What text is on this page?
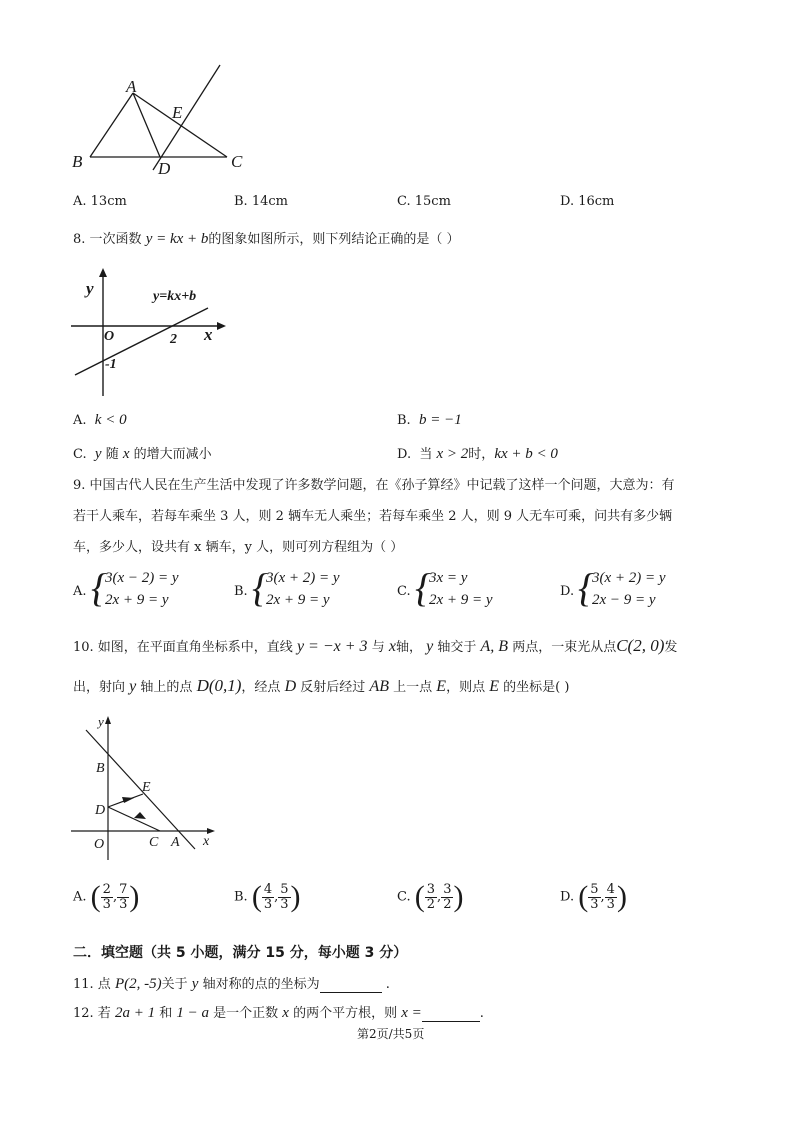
A
B	C
D
E
A. 13cm	B. 14cm	C. 15cm	D. 16cm
8. 一次函数 y = kx + b的图象如图所示，则下列结论正确的是（ ）
y
x
O
y=kx+b
2
-1
A. k < 0	B. b = −1
C. y 随 x 的增大而减小	D. 当 x > 2时，kx + b < 0
9. 中国古代人民在生产生活中发现了许多数学问题，在《孙子算经》中记载了这样一个问题，大意为：有
若干人乘车，若每车乘坐 3 人，则 2 辆车无人乘坐；若每车乘坐 2 人，则 9 人无车可乘，问共有多少辆
车，多少人，设共有 x 辆车，y 人，则可列方程组为（ ）
A. {
3(x − 2) = y
2x + 9 = y
B. {
3(x + 2) = y
2x + 9 = y
C. {
3x = y
2x + 9 = y
D. {
3(x + 2) = y
2x − 9 = y
10. 如图，在平面直角坐标系中，直线 y = −x + 3 与 x轴， y 轴交于 A, B 两点，一束光从点C(2, 0)发
出，射向 y 轴上的点 D(0,1)，经点 D 反射后经过 AB 上一点 E，则点 E 的坐标是( )
y
x
O
B
D
E
C A
A. ( $\frac{2}{3}$ , $\frac{7}{3}$ )	B. ( $\frac{4}{3}$ , $\frac{5}{3}$ )	C. ( $\frac{3}{2}$ , $\frac{3}{2}$ )	D. ( $\frac{5}{3}$ , $\frac{4}{3}$ )
二．填空题（共 5 小题，满分 15 分，每小题 3 分）
11. 点 P(2, -5)关于 y 轴对称的点的坐标为	.
12. 若 2a + 1 和 1 − a 是一个正数 x 的两个平方根，则 x =	.
第2页/共5页
